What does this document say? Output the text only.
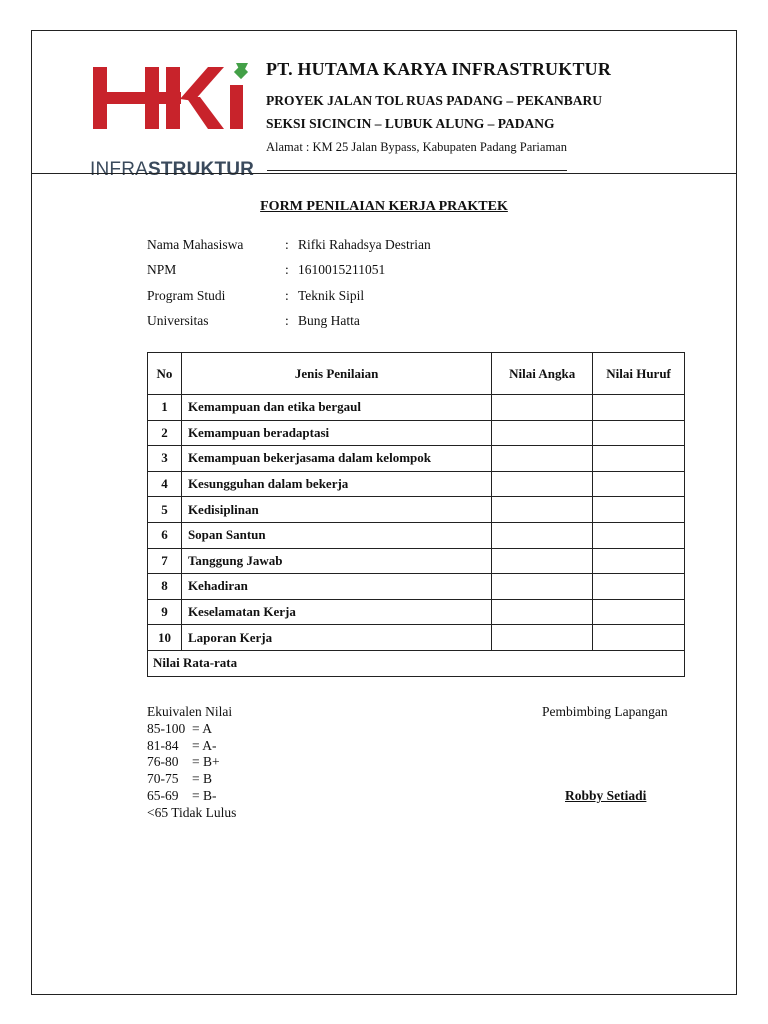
INFRASTRUKTUR
PT. HUTAMA KARYA INFRASTRUKTUR
PROYEK JALAN TOL RUAS PADANG – PEKANBARU
SEKSI SICINCIN – LUBUK ALUNG – PADANG
Alamat : KM 25 Jalan Bypass, Kabupaten Padang Pariaman
FORM PENILAIAN KERJA PRAKTEK
Nama Mahasiswa	: Rifki Rahadsya Destrian
NPM	: 1610015211051
Program Studi	: Teknik Sipil
Universitas	: Bung Hatta
No	Jenis Penilaian	Nilai Angka	Nilai Huruf
1	Kemampuan dan etika bergaul		
2	Kemampuan beradaptasi		
3	Kemampuan bekerjasama dalam kelompok		
4	Kesungguhan dalam bekerja		
5	Kedisiplinan		
6	Sopan Santun		
7	Tanggung Jawab		
8	Kehadiran		
9	Keselamatan Kerja		
10	Laporan Kerja		
Nilai Rata-rata			
Ekuivalen Nilai
85-100  = A
81-84    = A-
76-80    = B+
70-75    = B
65-69    = B-
<65 Tidak Lulus
Pembimbing Lapangan
Robby Setiadi
